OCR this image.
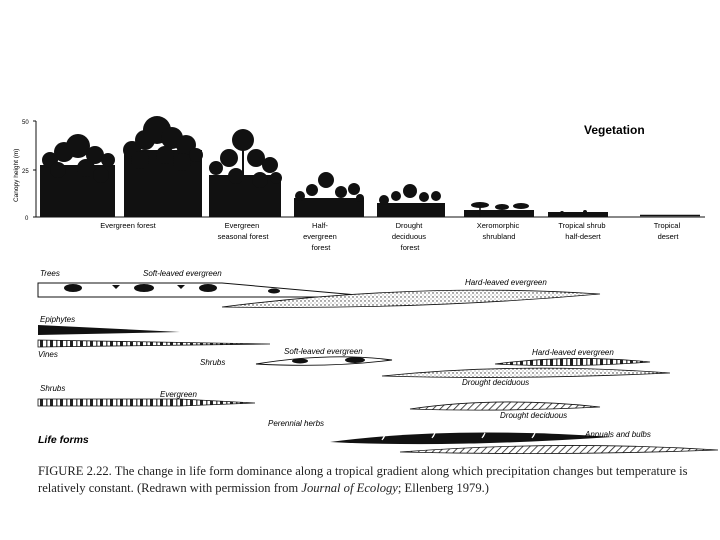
Vegetation
50
25
0
Canopy height (m)
Evergreen forest	Evergreen seasonal forest
Half- evergreen forest
Drought deciduous forest
Xeromorphic shrubland
Tropical shrub half-desert
Tropical desert
Trees	Soft-leaved evergreen
Hard-leaved evergreen
Epiphytes
Vines
Shrubs
Soft-leaved evergreen	Hard-leaved evergreen
Drought deciduous
Shrubs
Evergreen
Drought deciduous
Perennial herbs
Annuals and bulbs
Life forms
FIGURE 2.22. The change in life form dominance along a tropical gradient along which precipitation changes but temperature is relatively constant. (Redrawn with permission from Journal of Ecology; Ellenberg 1979.)
